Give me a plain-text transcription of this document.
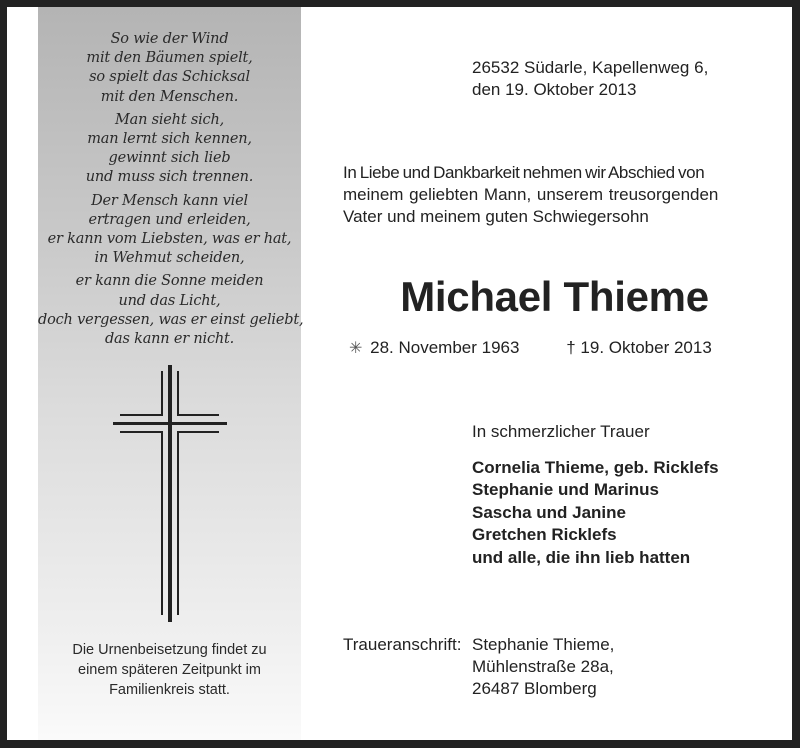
So wie der Wind
mit den Bäumen spielt,
so spielt das Schicksal
mit den Menschen.
Man sieht sich,
man lernt sich kennen,
gewinnt sich lieb
und muss sich trennen.
Der Mensch kann viel
ertragen und erleiden,
er kann vom Liebsten, was er hat,
in Wehmut scheiden,
er kann die Sonne meiden
und das Licht,
doch vergessen, was er einst geliebt,
das kann er nicht.
Die Urnenbeisetzung findet zu
einem späteren Zeitpunkt im
Familienkreis statt.
26532 Südarle, Kapellenweg 6,
den 19. Oktober 2013
In Liebe und Dankbarkeit nehmen wir Abschied von
meinem geliebten Mann, unserem treusorgenden
Vater und meinem guten Schwiegersohn
Michael Thieme
✳ 28. November 1963	† 19. Oktober 2013
In schmerzlicher Trauer
Cornelia Thieme, geb. Ricklefs
Stephanie und Marinus
Sascha und Janine
Gretchen Ricklefs
und alle, die ihn lieb hatten
Traueranschrift: Stephanie Thieme,
Mühlenstraße 28a,
26487 Blomberg
